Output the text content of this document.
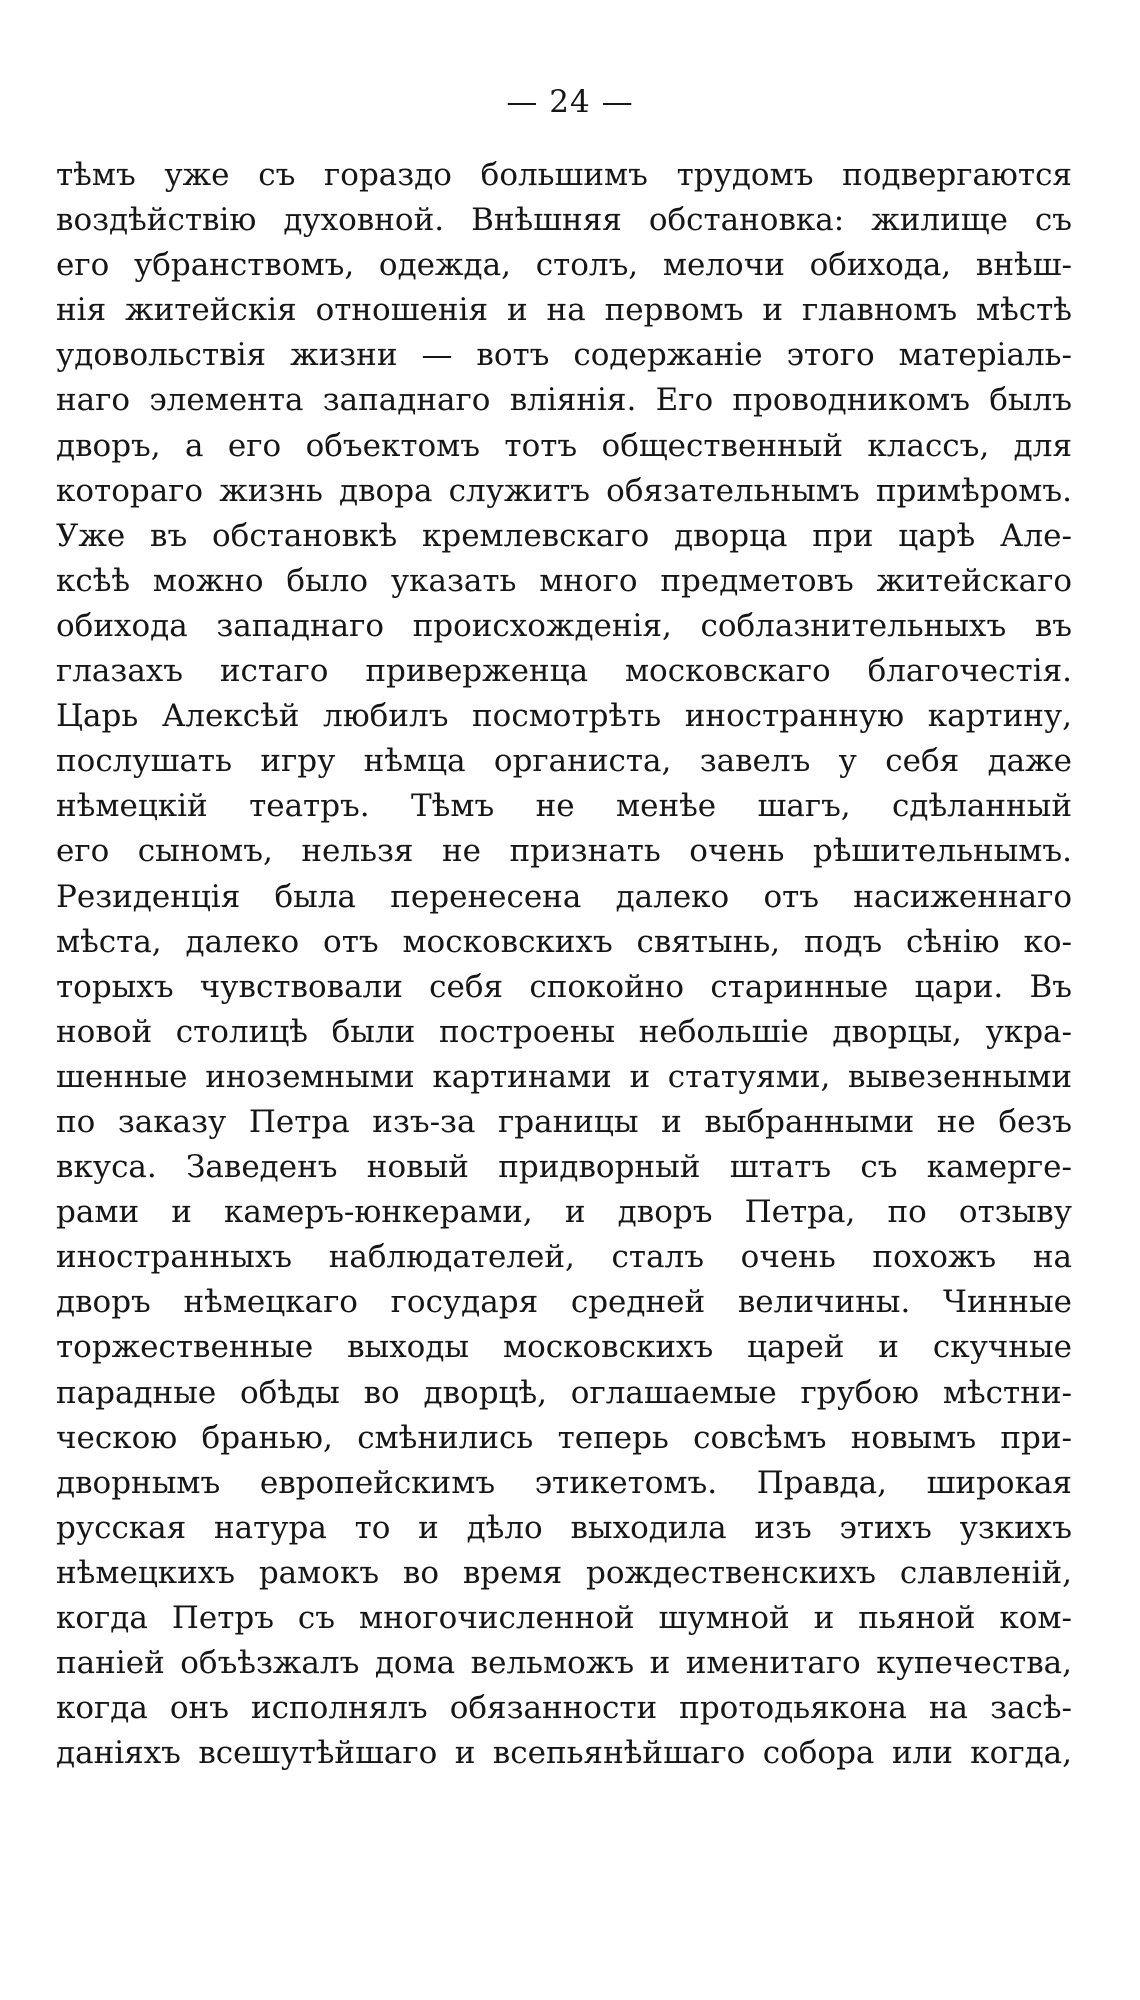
— 24 —
тѣмъ уже съ гораздо большимъ трудомъ подвергаются
воздѣйствію духовной. Внѣшняя обстановка: жилище съ
его убранствомъ, одежда, столъ, мелочи обихода, внѣш-
нія житейскія отношенія и на первомъ и главномъ мѣстѣ
удовольствія жизни — вотъ содержаніе этого матеріаль-
наго элемента западнаго вліянія. Его проводникомъ былъ
дворъ, а его объектомъ тотъ общественный классъ, для
котораго жизнь двора служитъ обязательнымъ примѣромъ.
Уже въ обстановкѣ кремлевскаго дворца при царѣ Але-
ксѣѣ можно было указать много предметовъ житейскаго
обихода западнаго происхожденія, соблазнительныхъ въ
глазахъ истаго приверженца московскаго благочестія.
Царь Алексѣй любилъ посмотрѣть иностранную картину,
послушать игру нѣмца органиста, завелъ у себя даже
нѣмецкій театръ. Тѣмъ не менѣе шагъ, сдѣланный
его сыномъ, нельзя не признать очень рѣшительнымъ.
Резиденція была перенесена далеко отъ насиженнаго
мѣста, далеко отъ московскихъ святынь, подъ сѣнію ко-
торыхъ чувствовали себя спокойно старинные цари. Въ
новой столицѣ были построены небольшіе дворцы, укра-
шенные иноземными картинами и статуями, вывезенными
по заказу Петра изъ-за границы и выбранными не безъ
вкуса. Заведенъ новый придворный штатъ съ камерге-
рами и камеръ-юнкерами, и дворъ Петра, по отзыву
иностранныхъ наблюдателей, сталъ очень похожъ на
дворъ нѣмецкаго государя средней величины. Чинные
торжественные выходы московскихъ царей и скучные
парадные обѣды во дворцѣ, оглашаемые грубою мѣстни-
ческою бранью, смѣнились теперь совсѣмъ новымъ при-
дворнымъ европейскимъ этикетомъ. Правда, широкая
русская натура то и дѣло выходила изъ этихъ узкихъ
нѣмецкихъ рамокъ во время рождественскихъ славленій,
когда Петръ съ многочисленной шумной и пьяной ком-
паніей объѣзжалъ дома вельможъ и именитаго купечества,
когда онъ исполнялъ обязанности протодьякона на засѣ-
даніяхъ всешутѣйшаго и всепьянѣйшаго собора или когда,
